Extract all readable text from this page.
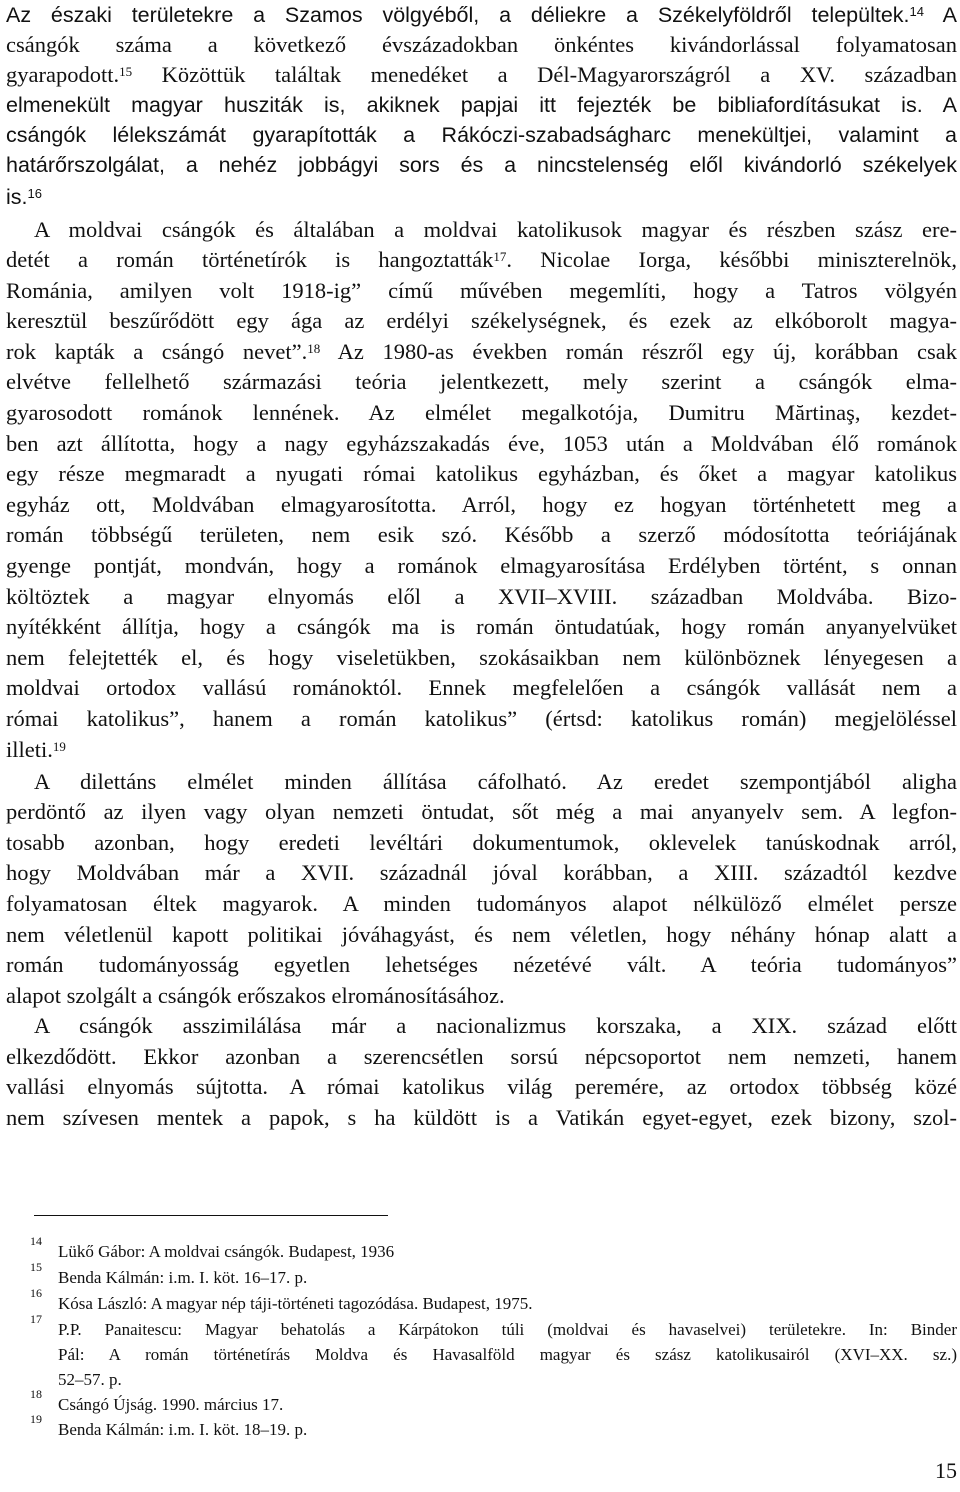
Az északi területekre a Szamos völgyéből, a déliekre a Székelyföldről települtek.$^{14}$ A
csángók száma a következő évszázadokban önkéntes kivándorlással folyamatosan
gyarapodott.$^{15}$ Közöttük találtak menedéket a Dél-Magyarországról a XV. században
elmenekült magyar husziták is, akiknek papjai itt fejezték be bibliafordításukat is. A
csángók lélekszámát gyarapították a Rákóczi-szabadságharc menekültjei, valamint a
határőrszolgálat, a nehéz jobbágyi sors és a nincstelenség elől kivándorló székelyek
is.$^{16}$
A moldvai csángók és általában a moldvai katolikusok magyar és részben szász ere-
detét a román történetírók is hangoztatták$^{17}$. Nicolae Iorga, későbbi miniszterelnök,
Románia, amilyen volt 1918-ig” című művében megemlíti, hogy a Tatros völgyén
keresztül beszűrődött egy ága az erdélyi székelységnek, és ezek az elkóborolt magya-
rok kapták a csángó nevet”.$^{18}$ Az 1980-as években román részről egy új, korábban csak
elvétve fellelhető származási teória jelentkezett, mely szerint a csángók elma-
gyarosodott románok lennének. Az elmélet megalkotója, Dumitru Mărtinaş, kezdet-
ben azt állította, hogy a nagy egyházszakadás éve, 1053 után a Moldvában élő románok
egy része megmaradt a nyugati római katolikus egyházban, és őket a magyar katolikus
egyház ott, Moldvában elmagyarosította. Arról, hogy ez hogyan történhetett meg a
román többségű területen, nem esik szó. Később a szerző módosította teóriájának
gyenge pontját, mondván, hogy a románok elmagyarosítása Erdélyben történt, s onnan
költöztek a magyar elnyomás elől a XVII–XVIII. században Moldvába. Bizo-
nyítékként állítja, hogy a csángók ma is román öntudatúak, hogy román anyanyelvüket
nem felejtették el, és hogy viseletükben, szokásaikban nem különböznek lényegesen a
moldvai ortodox vallású románoktól. Ennek megfelelően a csángók vallását nem a
római katolikus”, hanem a román katolikus” (értsd: katolikus román) megjelöléssel
illeti.$^{19}$
A dilettáns elmélet minden állítása cáfolható. Az eredet szempontjából aligha
perdöntő az ilyen vagy olyan nemzeti öntudat, sőt még a mai anyanyelv sem. A legfon-
tosabb azonban, hogy eredeti levéltári dokumentumok, oklevelek tanúskodnak arról,
hogy Moldvában már a XVII. századnál jóval korábban, a XIII. századtól kezdve
folyamatosan éltek magyarok. A minden tudományos alapot nélkülöző elmélet persze
nem véletlenül kapott politikai jóváhagyást, és nem véletlen, hogy néhány hónap alatt a
román tudományosság egyetlen lehetséges nézetévé vált. A teória tudományos”
alapot szolgált a csángók erőszakos elrománosításához.
A csángók asszimilálása már a nacionalizmus korszaka, a XIX. század előtt
elkezdődött. Ekkor azonban a szerencsétlen sorsú népcsoportot nem nemzeti, hanem
vallási elnyomás sújtotta. A római katolikus világ peremére, az ortodox többség közé
nem szívesen mentek a papok, s ha küldött is a Vatikán egyet-egyet, ezek bizony, szol-
14
Lükő Gábor: A moldvai csángók. Budapest, 1936
15
Benda Kálmán: i.m. I. köt. 16–17. p.
16
Kósa László: A magyar nép táji-történeti tagozódása. Budapest, 1975.
17
P.P. Panaitescu: Magyar behatolás a Kárpátokon túli (moldvai és havaselvei) területekre. In: Binder
Pál: A román történetírás Moldva és Havasalföld magyar és szász katolikusairól (XVI–XX. sz.)
52–57. p.
18
Csángó Újság. 1990. március 17.
19
Benda Kálmán: i.m. I. köt. 18–19. p.
15
